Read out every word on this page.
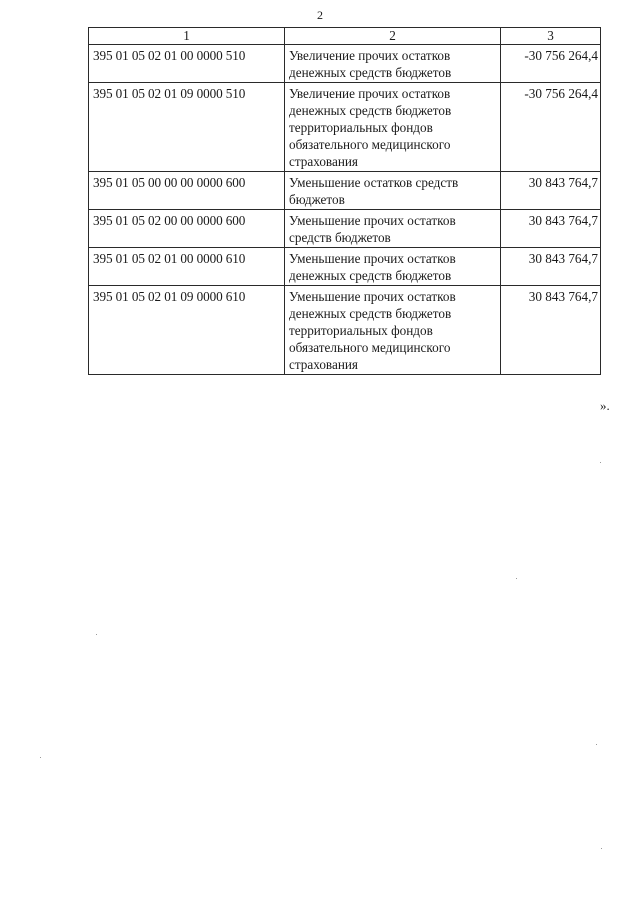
2
1	2	3
395 01 05 02 01 00 0000 510	Увеличение прочих остатков денежных средств бюджетов	-30 756 264,4
395 01 05 02 01 09 0000 510	Увеличение прочих остатков денежных средств бюджетов территориальных фондов обязательного медицинского страхования	-30 756 264,4
395 01 05 00 00 00 0000 600	Уменьшение остатков средств бюджетов	30 843 764,7
395 01 05 02 00 00 0000 600	Уменьшение прочих остатков средств бюджетов	30 843 764,7
395 01 05 02 01 00 0000 610	Уменьшение прочих остатков денежных средств бюджетов	30 843 764,7
395 01 05 02 01 09 0000 610	Уменьшение прочих остатков денежных средств бюджетов территориальных фондов обязательного медицинского страхования	30 843 764,7
».
